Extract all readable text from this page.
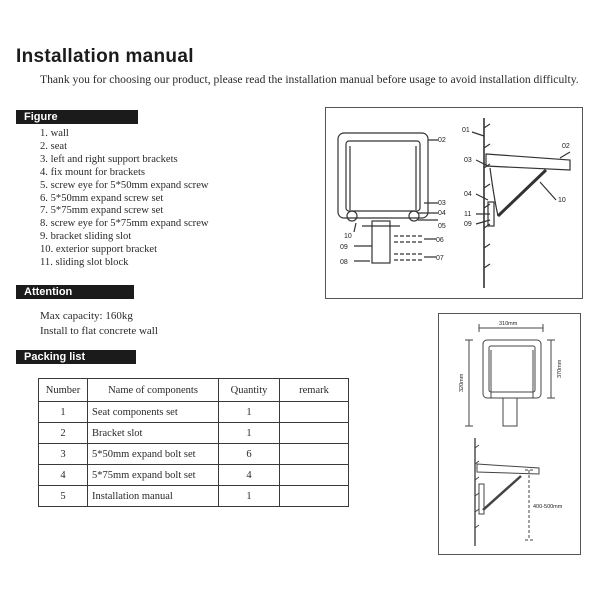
Installation manual
Thank you for choosing our product, please read the installation manual before usage to avoid installation difficulty.
Figure
1. wall
2. seat
3. left and right support brackets
4. fix mount for brackets
5. screw eye for 5*50mm expand screw
6. 5*50mm expand screw set
7. 5*75mm expand screw set
8. screw eye for 5*75mm expand screw
9. bracket sliding slot
10. exterior support bracket
11. sliding slot block
Attention
Max capacity: 160kg
Install to flat concrete wall
Packing list
Number	Name of components	Quantity	remark
1	Seat components set	1	
2	Bracket slot	1	
3	5*50mm expand bolt set	6	
4	5*75mm expand bolt set	4	
5	Installation manual	1	
02
03
04
05
06
07
08
09
10
01
02
03
04
11
09
10
310mm
320mm
370mm
400-500mm
